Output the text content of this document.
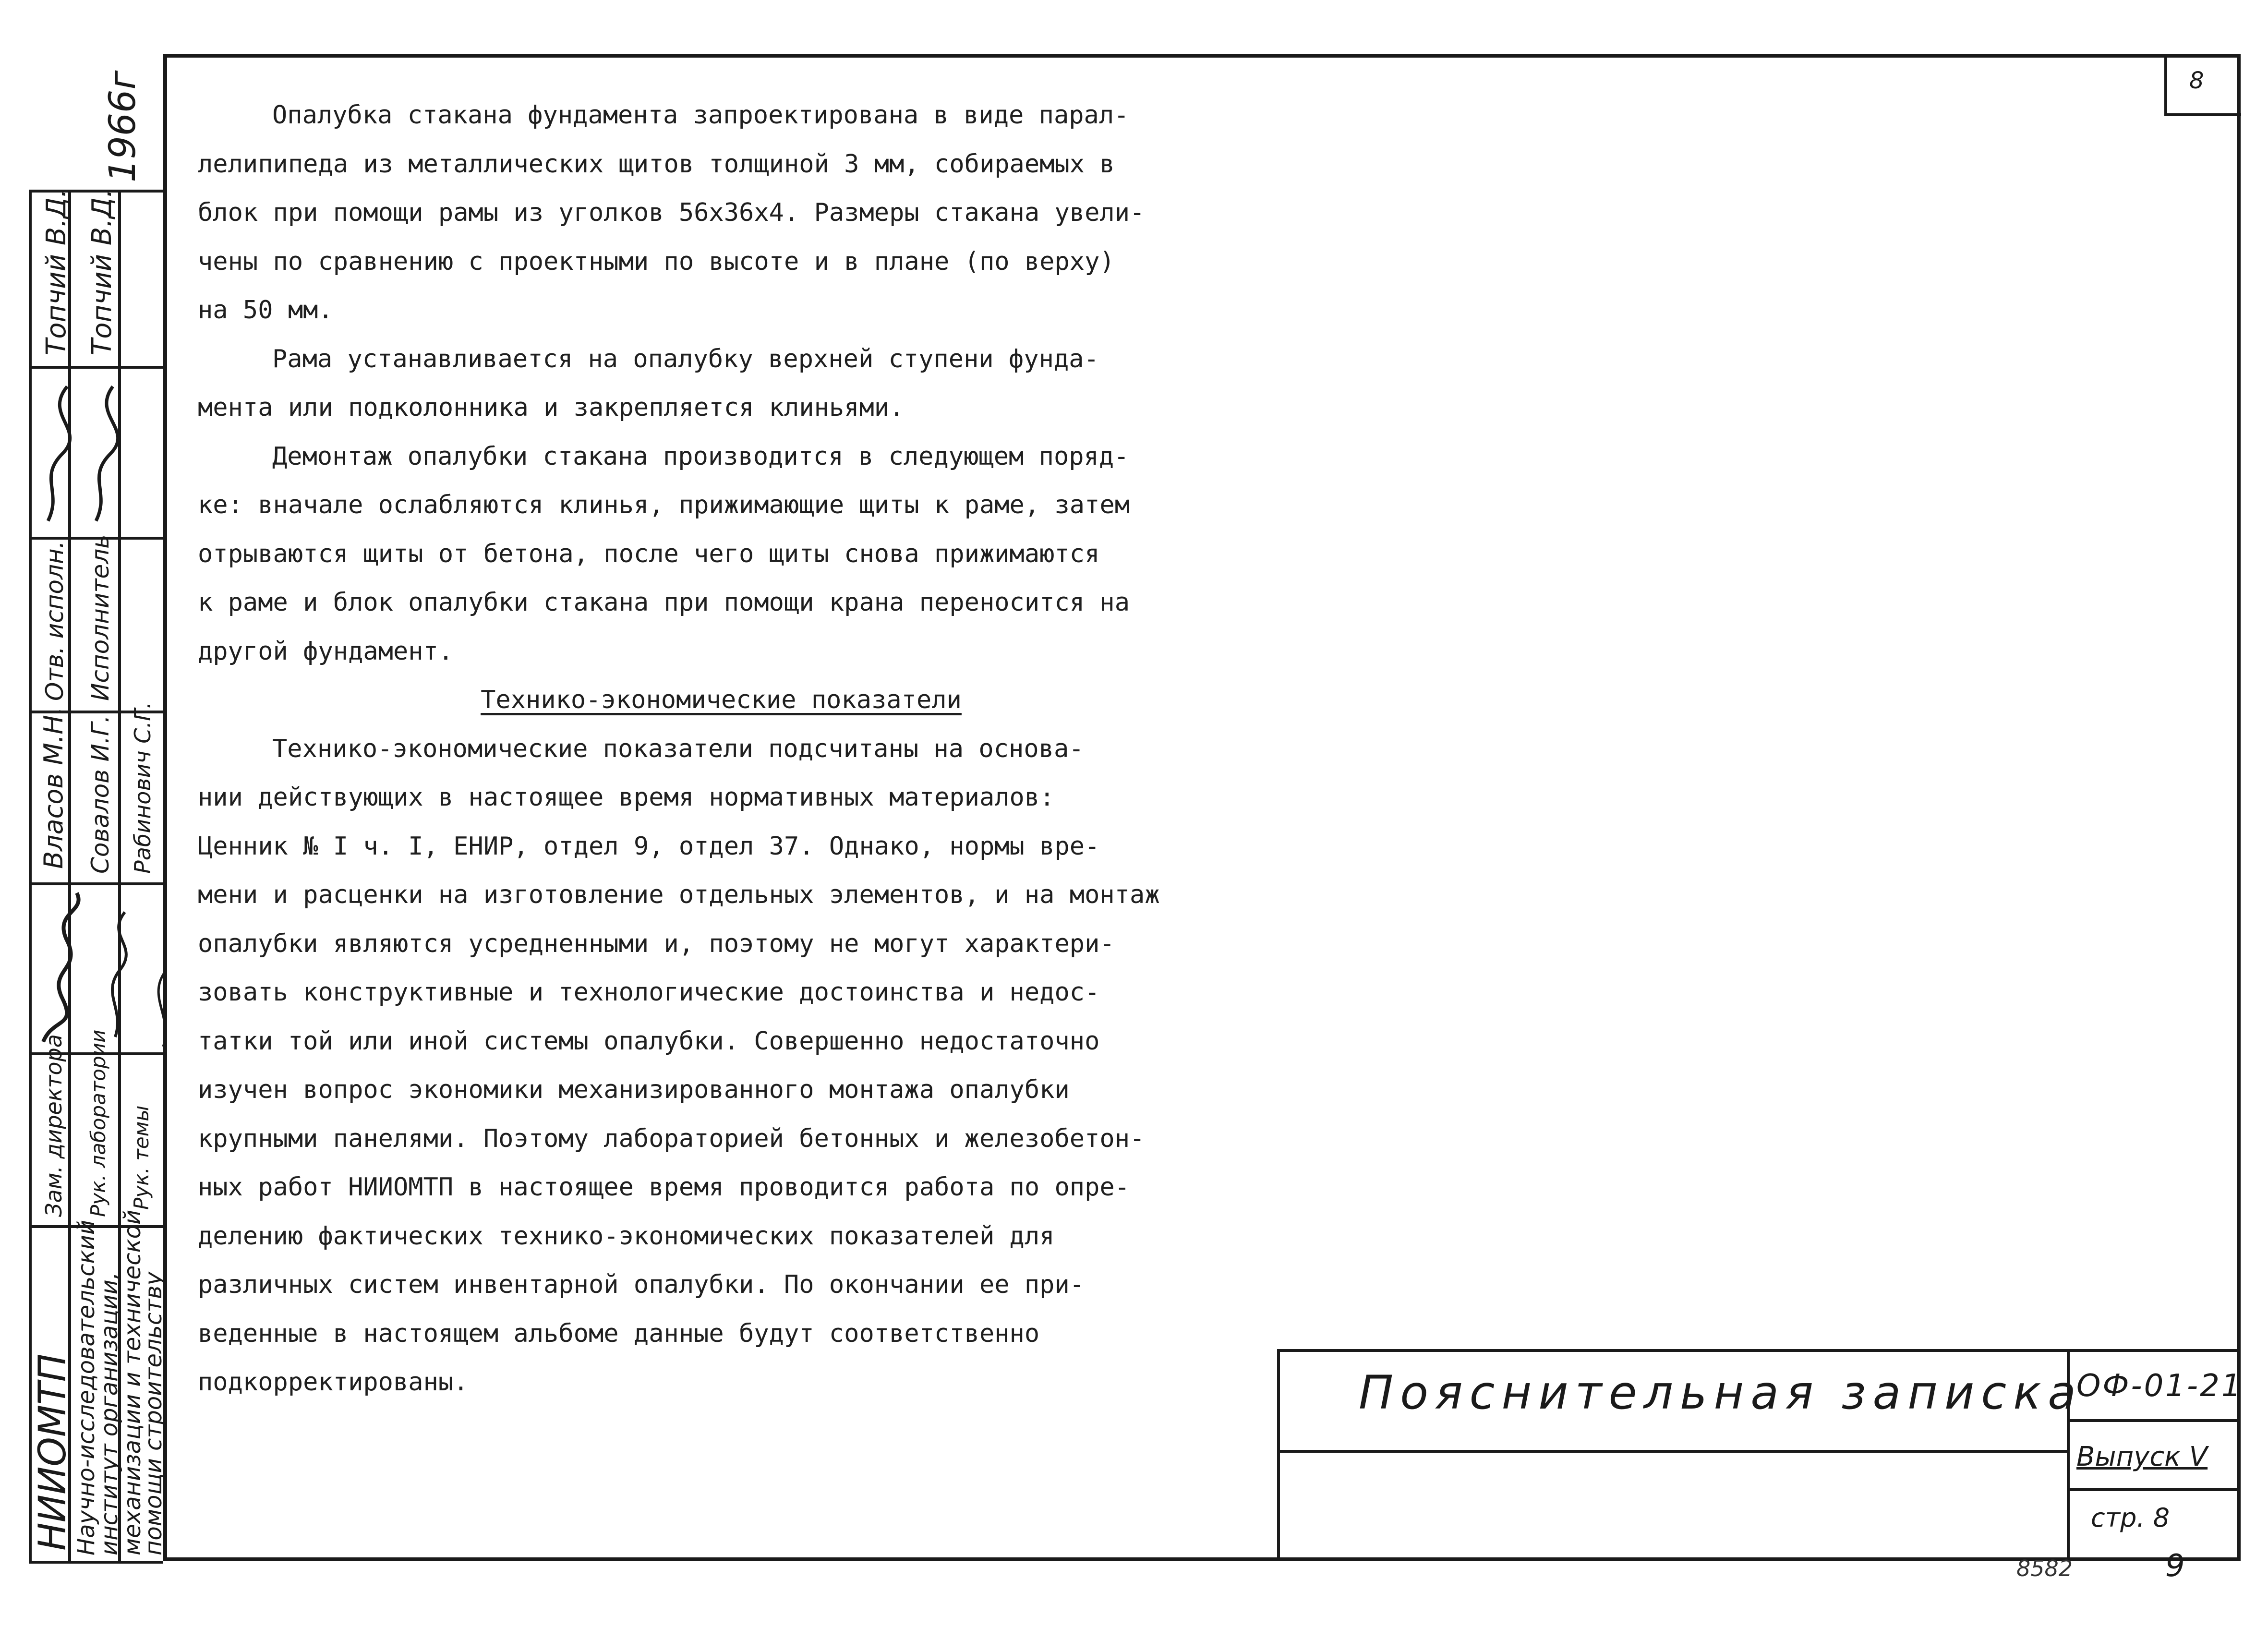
8

Опалубка стакана фундамента запроектирована в виде парал-
лелипипеда из металлических щитов толщиной 3 мм, собираемых в
блок при помощи рамы из уголков 56х36х4. Размеры стакана увели-
чены по сравнению с проектными по высоте и в плане (по верху)
на 50 мм.

Рама устанавливается на опалубку верхней ступени фунда-
мента или подколонника и закрепляется клиньями.

Демонтаж опалубки стакана производится в следующем поряд-
ке: вначале ослабляются клинья, прижимающие щиты к раме, затем
отрываются щиты от бетона, после чего щиты снова прижимаются
к раме и блок опалубки стакана при помощи крана переносится на
другой фундамент.

Технико-экономические показатели

Технико-экономические показатели подсчитаны на основа-
нии действующих в настоящее время нормативных материалов:
Ценник № I ч. I, ЕНИР, отдел 9, отдел 37. Однако, нормы вре-
мени и расценки на изготовление отдельных элементов, и на монтаж
опалубки являются усредненными и, поэтому не могут характери-
зовать конструктивные и технологические достоинства и недос-
татки той или иной системы опалубки. Совершенно недостаточно
изучен вопрос экономики механизированного монтажа опалубки
крупными панелями. Поэтому лабораторией бетонных и железобетон-
ных работ НИИОМТП в настоящее время проводится работа по опре-
делению фактических технико-экономических показателей для
различных систем инвентарной опалубки. По окончании ее при-
веденные в настоящем альбоме данные будут соответственно
подкорректированы.	Пояснительная записка
ОФ-01-21
Выпуск V
стр. 8
8582	9
1966г
НИИОМТП
Научно-исследовательский
институт организации,
механизации и технической
помощи строительству
Зам. директора Рук. лаборатории Рук. темы
Власов М.Н. Совалов И.Г. Рабинович С.Г.
Отв. исполн. Исполнитель
Топчий В.Д. Топчий В.Д.
